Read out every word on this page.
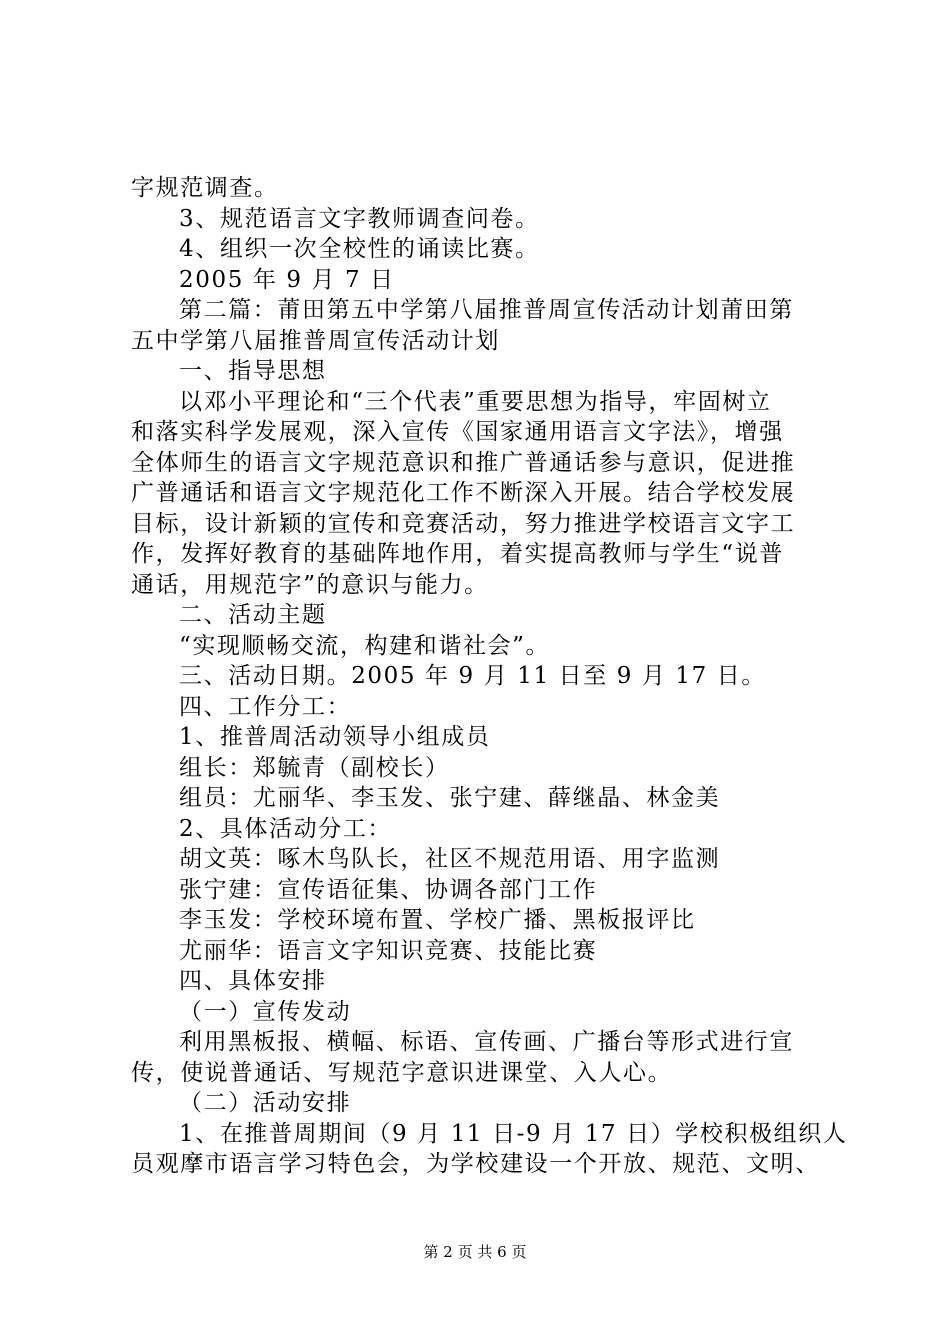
字规范调查。
3、规范语言文字教师调查问卷。
4、组织一次全校性的诵读比赛。
2005 年 9 月 7 日
第二篇：莆田第五中学第八届推普周宣传活动计划莆田第
五中学第八届推普周宣传活动计划
一、指导思想
以邓小平理论和“三个代表”重要思想为指导，牢固树立
和落实科学发展观，深入宣传《国家通用语言文字法》，增强
全体师生的语言文字规范意识和推广普通话参与意识，促进推
广普通话和语言文字规范化工作不断深入开展。结合学校发展
目标，设计新颖的宣传和竞赛活动，努力推进学校语言文字工
作，发挥好教育的基础阵地作用，着实提高教师与学生“说普
通话，用规范字”的意识与能力。
二、活动主题
“实现顺畅交流，构建和谐社会”。
三、活动日期。2005 年 9 月 11 日至 9 月 17 日。
四、工作分工：
1、推普周活动领导小组成员
组长：郑毓青（副校长）
组员：尤丽华、李玉发、张宁建、薛继晶、林金美
2、具体活动分工：
胡文英：啄木鸟队长，社区不规范用语、用字监测
张宁建：宣传语征集、协调各部门工作
李玉发：学校环境布置、学校广播、黑板报评比
尤丽华：语言文字知识竞赛、技能比赛
四、具体安排
（一）宣传发动
利用黑板报、横幅、标语、宣传画、广播台等形式进行宣
传，使说普通话、写规范字意识进课堂、入人心。
（二）活动安排
1、在推普周期间（9 月 11 日-9 月 17 日）学校积极组织人
员观摩市语言学习特色会，为学校建设一个开放、规范、文明、
第 2 页 共 6 页
